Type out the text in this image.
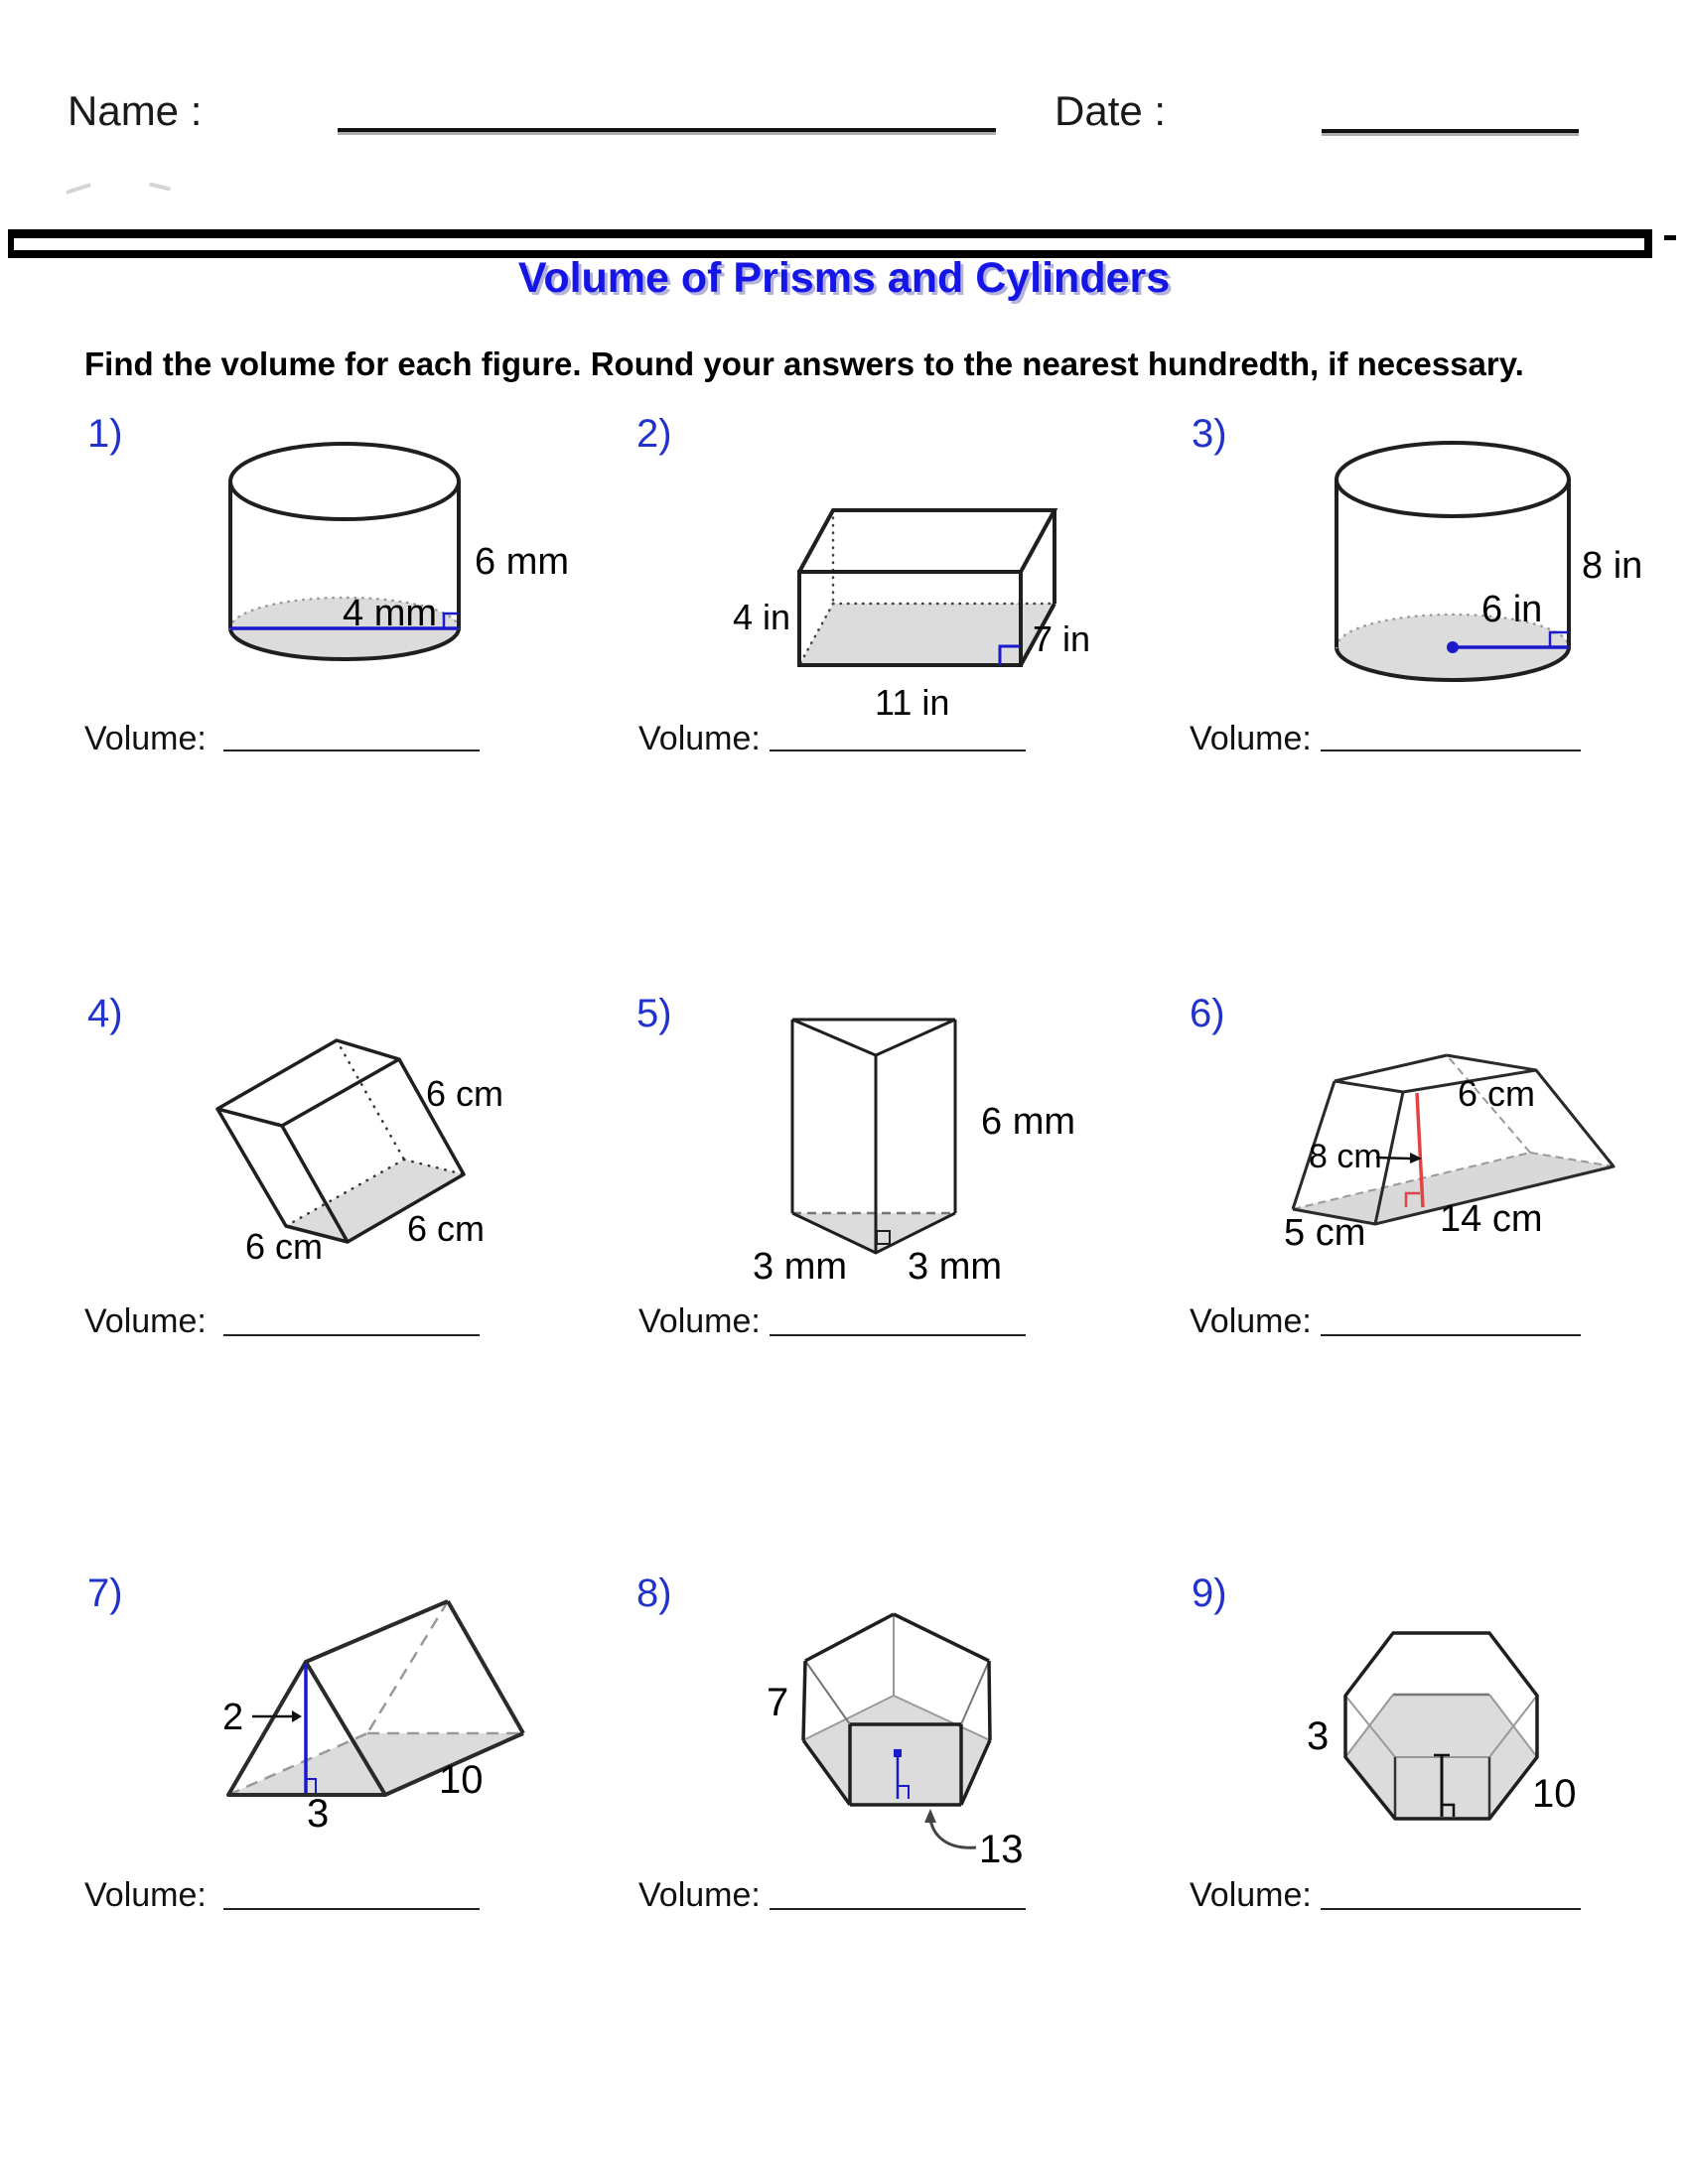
Name :	Date :
Volume of Prisms and Cylinders
Find the volume for each figure. Round your answers to the nearest hundredth, if necessary.
1)	2)	3)
4)	5)	6)
7)	8)	9)
4 mm
6 mm
4 in
11 in
7 in
6 in
8 in
6 cm
6 cm 6 cm
6 mm
3 mm 3 mm
8 cm
6 cm
14 cm
5 cm
2
3
10
7
13
3
10
Volume:	Volume:	Volume:
Volume:	Volume:	Volume:
Volume:	Volume:	Volume:
